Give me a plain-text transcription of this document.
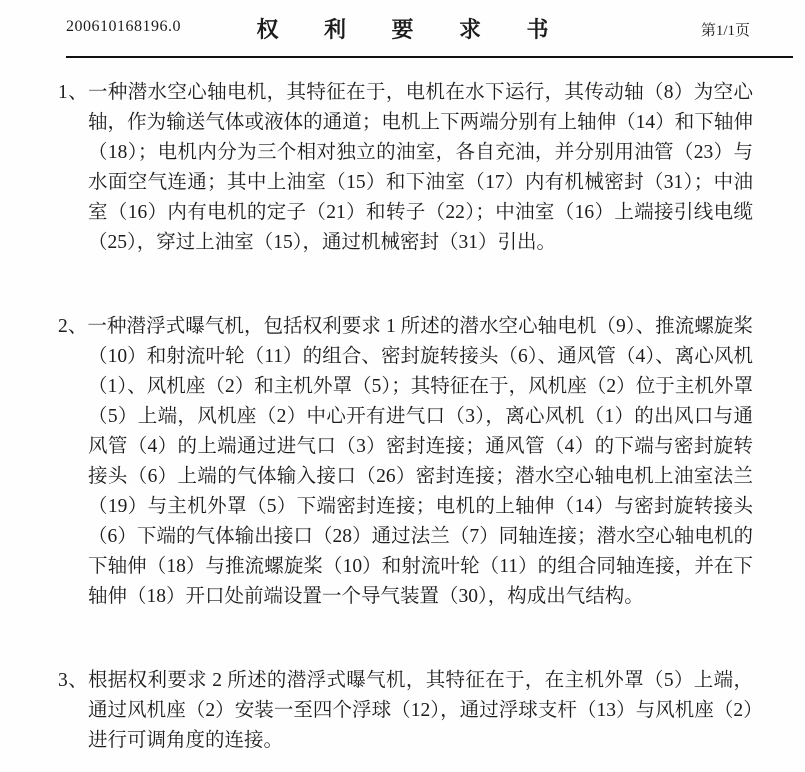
200610168196.0	权 利 要 求 书	第1/1页

1、一种潜水空心轴电机，其特征在于，电机在水下运行，其传动轴（8）为空心轴，作为输送气体或液体的通道；电机上下两端分别有上轴伸（14）和下轴伸（18）；电机内分为三个相对独立的油室，各自充油，并分别用油管（23）与水面空气连通；其中上油室（15）和下油室（17）内有机械密封（31）；中油室（16）内有电机的定子（21）和转子（22）；中油室（16）上端接引线电缆（25），穿过上油室（15），通过机械密封（31）引出。

2、一种潜浮式曝气机，包括权利要求 1 所述的潜水空心轴电机（9）、推流螺旋桨（10）和射流叶轮（11）的组合、密封旋转接头（6）、通风管（4）、离心风机（1）、风机座（2）和主机外罩（5）；其特征在于，风机座（2）位于主机外罩（5）上端，风机座（2）中心开有进气口（3），离心风机（1）的出风口与通风管（4）的上端通过进气口（3）密封连接；通风管（4）的下端与密封旋转接头（6）上端的气体输入接口（26）密封连接；潜水空心轴电机上油室法兰（19）与主机外罩（5）下端密封连接；电机的上轴伸（14）与密封旋转接头（6）下端的气体输出接口（28）通过法兰（7）同轴连接；潜水空心轴电机的下轴伸（18）与推流螺旋桨（10）和射流叶轮（11）的组合同轴连接，并在下轴伸（18）开口处前端设置一个导气装置（30），构成出气结构。

3、根据权利要求 2 所述的潜浮式曝气机，其特征在于，在主机外罩（5）上端，通过风机座（2）安装一至四个浮球（12），通过浮球支杆（13）与风机座（2）进行可调角度的连接。
